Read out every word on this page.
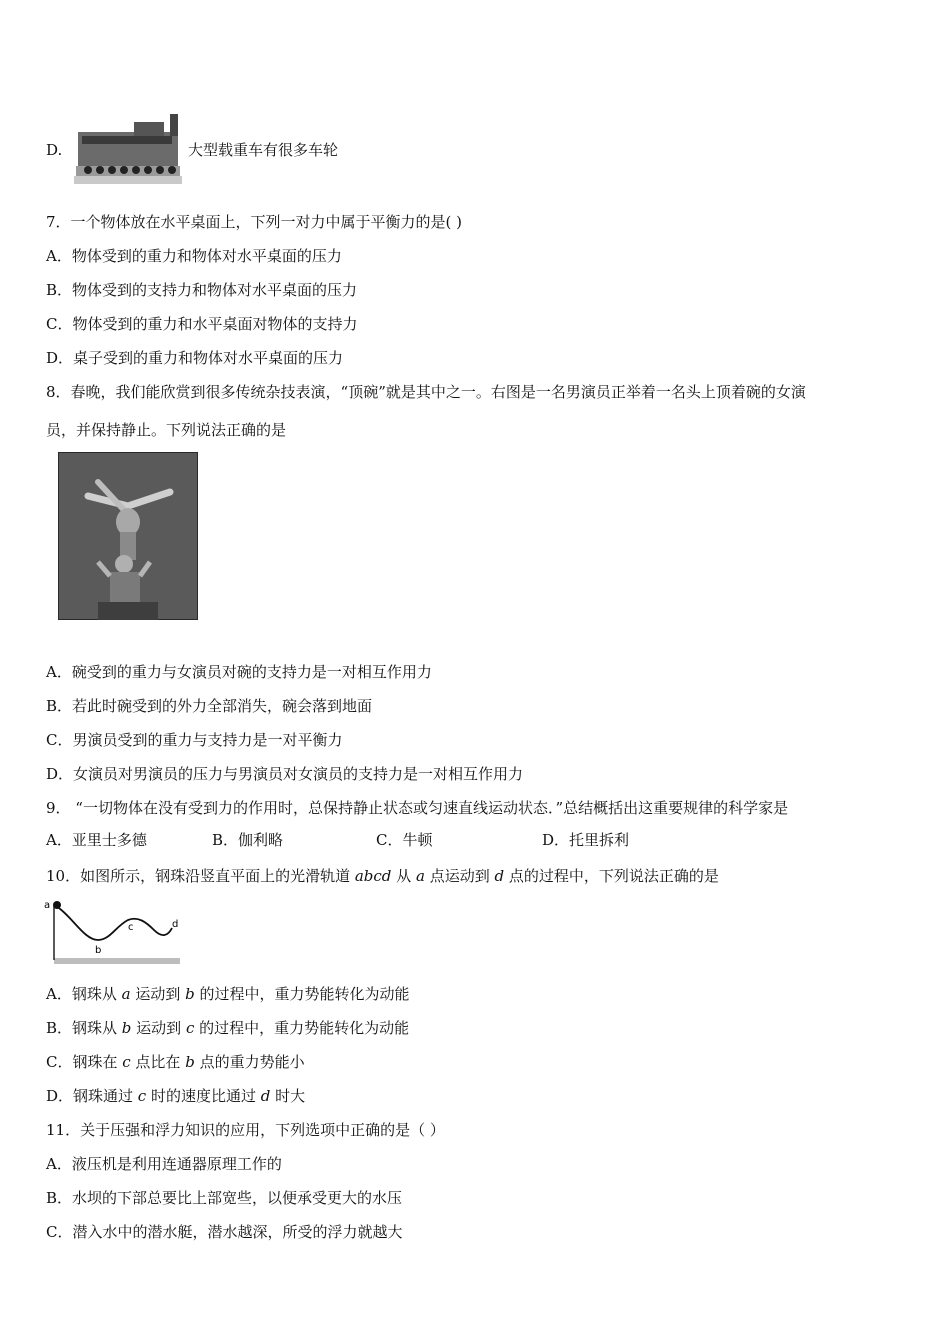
D.	大型载重车有很多车轮
7．一个物体放在水平桌面上，下列一对力中属于平衡力的是( )
A．物体受到的重力和物体对水平桌面的压力
B．物体受到的支持力和物体对水平桌面的压力
C．物体受到的重力和水平桌面对物体的支持力
D．桌子受到的重力和物体对水平桌面的压力
8．春晚，我们能欣赏到很多传统杂技表演，“顶碗”就是其中之一。右图是一名男演员正举着一名头上顶着碗的女演
员，并保持静止。下列说法正确的是
A．碗受到的重力与女演员对碗的支持力是一对相互作用力
B．若此时碗受到的外力全部消失，碗会落到地面
C．男演员受到的重力与支持力是一对平衡力
D．女演员对男演员的压力与男演员对女演员的支持力是一对相互作用力
9． “一切物体在没有受到力的作用时，总保持静止状态或匀速直线运动状态．”总结概括出这重要规律的科学家是
A．亚里士多德	B．伽利略	C．牛顿	D．托里拆利
10．如图所示，钢珠沿竖直平面上的光滑轨道 abcd 从 a 点运动到 d 点的过程中，下列说法正确的是
a
b
c	d
A．钢珠从 a 运动到 b 的过程中，重力势能转化为动能
B．钢珠从 b 运动到 c 的过程中，重力势能转化为动能
C．钢珠在 c 点比在 b 点的重力势能小
D．钢珠通过 c 时的速度比通过 d 时大
11．关于压强和浮力知识的应用，下列选项中正确的是（ ）
A．液压机是利用连通器原理工作的
B．水坝的下部总要比上部宽些，以便承受更大的水压
C．潜入水中的潜水艇，潜水越深，所受的浮力就越大
